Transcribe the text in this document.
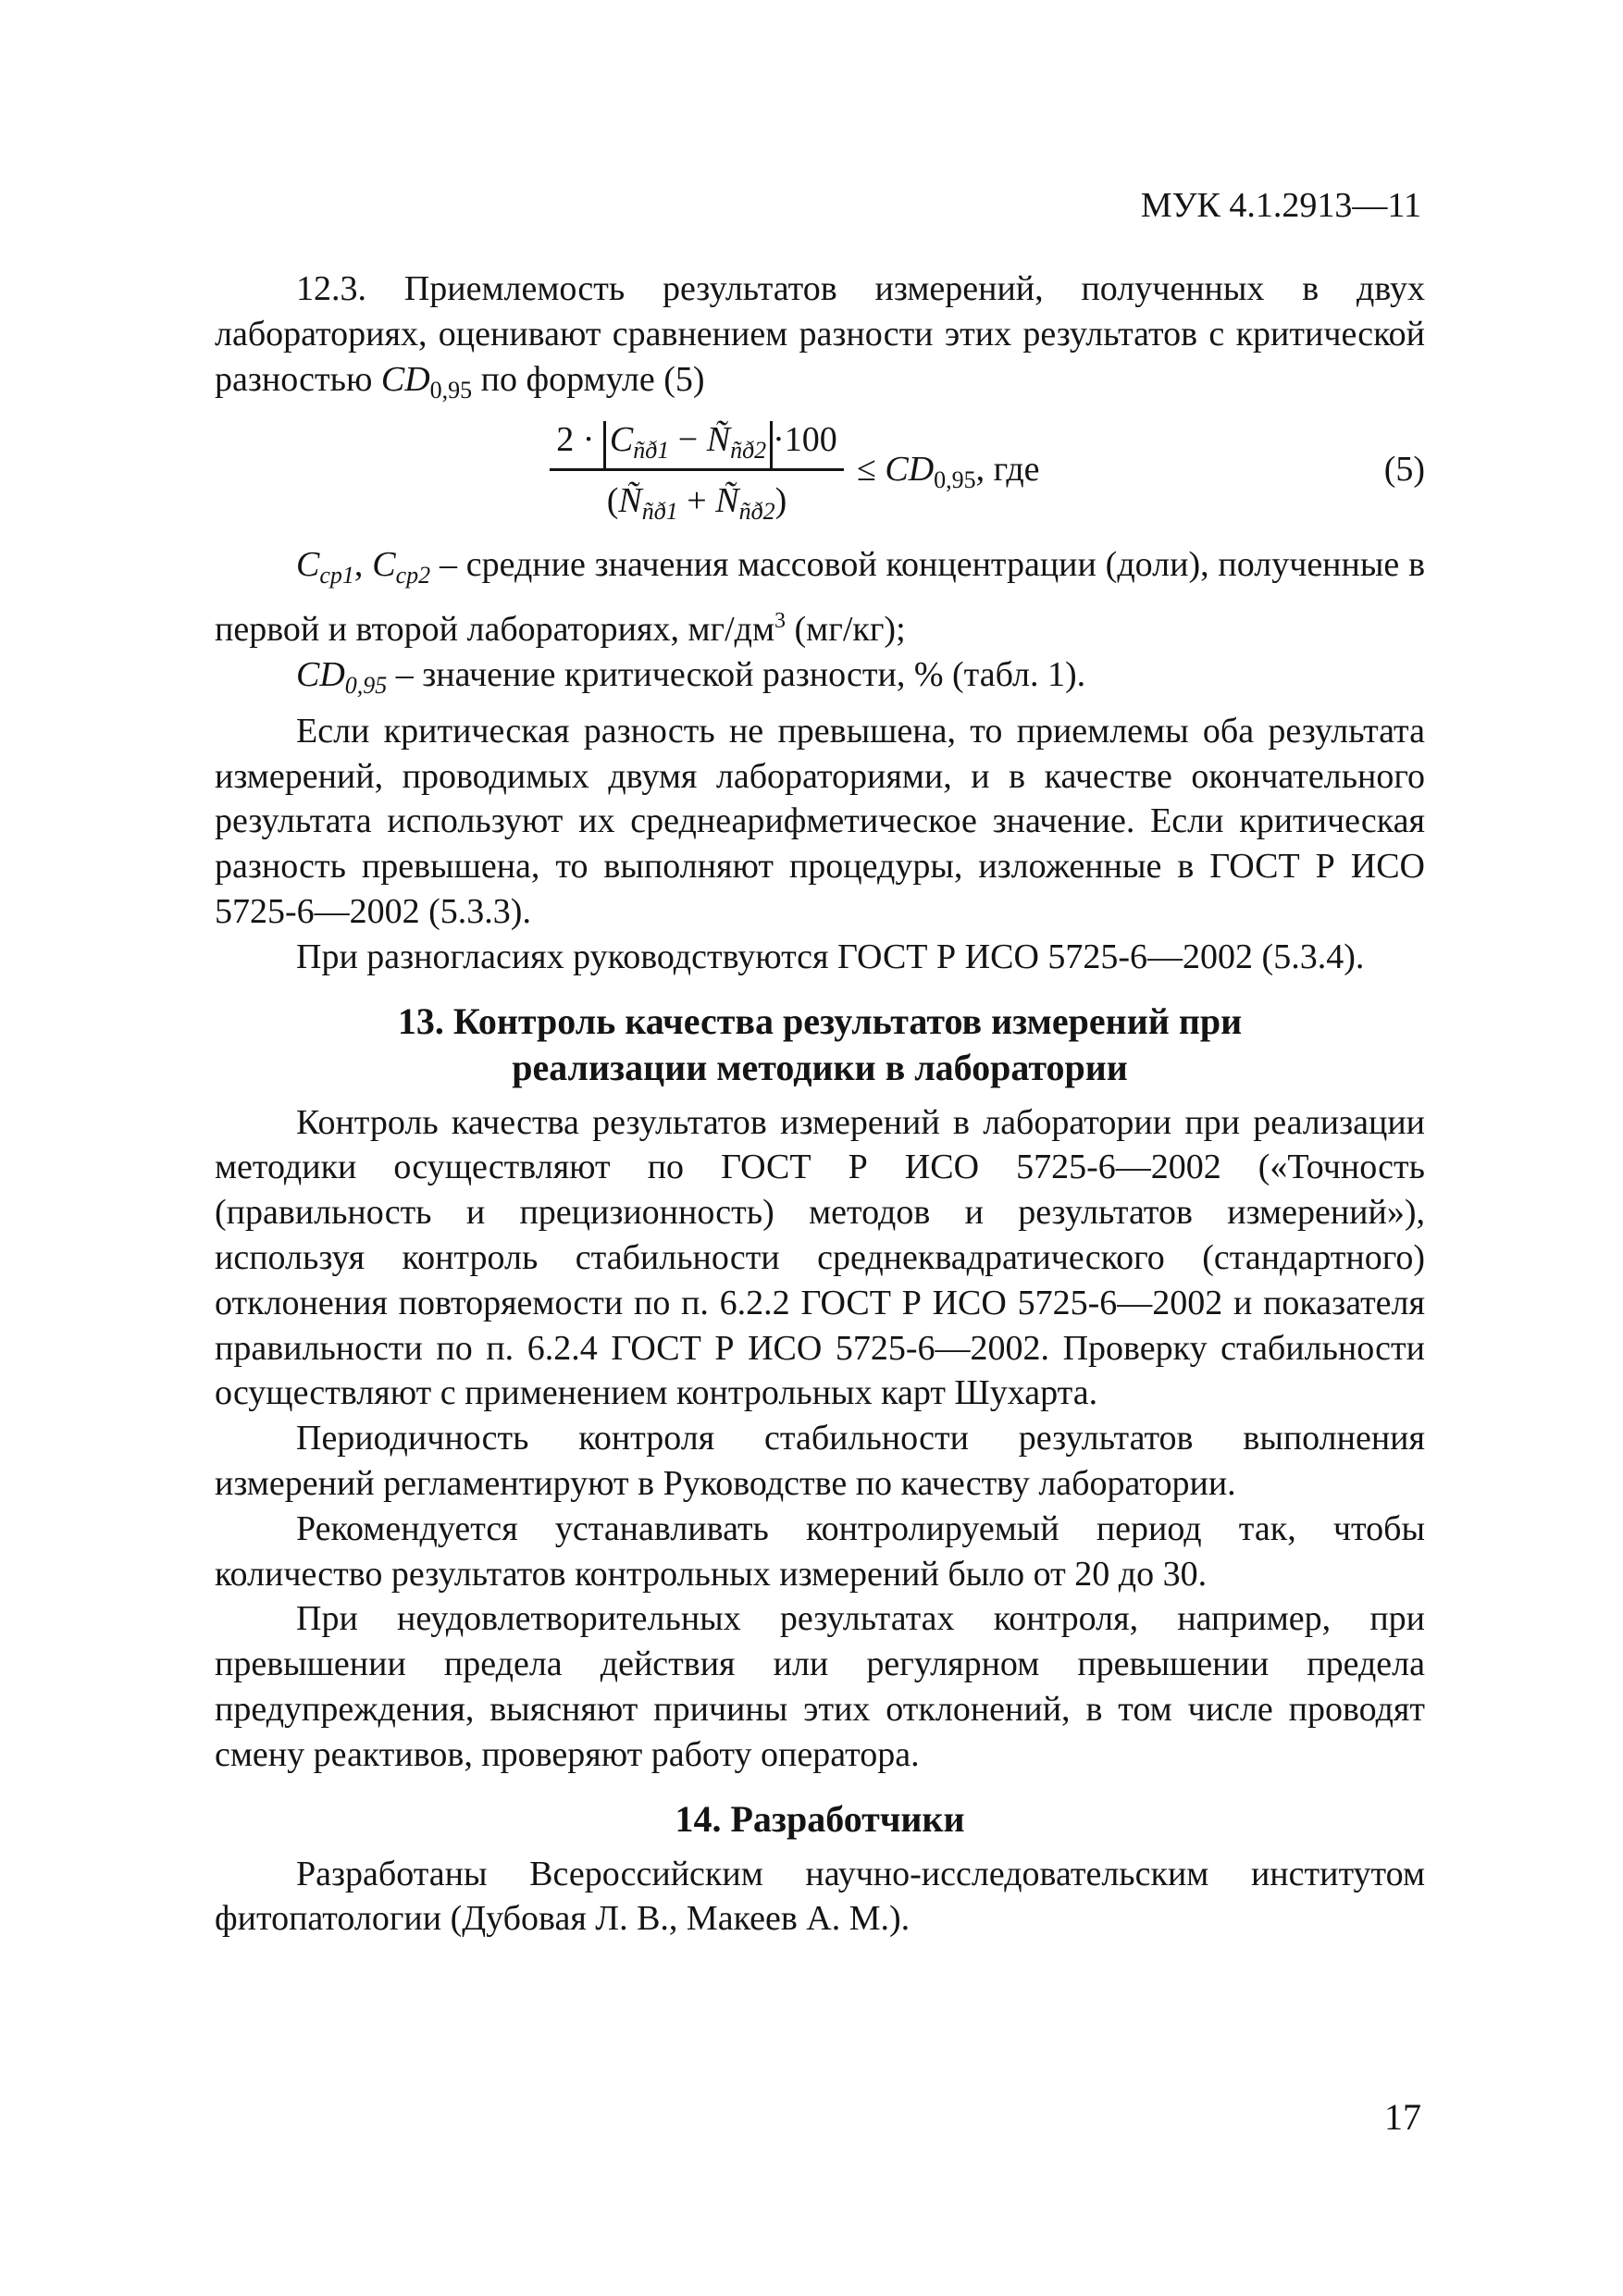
МУК 4.1.2913—11

12.3. Приемлемость результатов измерений, полученных в двух лабораториях, оценивают сравнением разности этих результатов с критической разностью $CD_{0,95}$ по формуле (5)

$2 \cdot C_{ñð1}$ − $Ñ_{ñð2} \cdot 100$
($Ñ_{ñð1}$ + $Ñ_{ñð2}$)
≤ $CD_{0,95}$, где	(5)

$C_{cp1}$, $C_{cp2}$ – средние значения массовой концентрации (доли), полученные в первой и второй лабораториях, $мг/дм^3$ (мг/кг);

$CD_{0,95}$ – значение критической разности, % (табл. 1).

Если критическая разность не превышена, то приемлемы оба результата измерений, проводимых двумя лабораториями, и в качестве окончательного результата используют их среднеарифметическое значение. Если критическая разность превышена, то выполняют процедуры, изложенные в ГОСТ Р ИСО 5725-6—2002 (5.3.3).

При разногласиях руководствуются ГОСТ Р ИСО 5725-6—2002 (5.3.4).

13. Контроль качества результатов измерений при
реализации методики в лаборатории

Контроль качества результатов измерений в лаборатории при реализации методики осуществляют по ГОСТ Р ИСО 5725-6—2002 («Точность (правильность и прецизионность) методов и результатов измерений»), используя контроль стабильности среднеквадратического (стандартного) отклонения повторяемости по п. 6.2.2 ГОСТ Р ИСО 5725-6—2002 и показателя правильности по п. 6.2.4 ГОСТ Р ИСО 5725-6—2002. Проверку стабильности осуществляют с применением контрольных карт Шухарта.

Периодичность контроля стабильности результатов выполнения измерений регламентируют в Руководстве по качеству лаборатории.

Рекомендуется устанавливать контролируемый период так, чтобы количество результатов контрольных измерений было от 20 до 30.

При неудовлетворительных результатах контроля, например, при превышении предела действия или регулярном превышении предела предупреждения, выясняют причины этих отклонений, в том числе проводят смену реактивов, проверяют работу оператора.

14. Разработчики

Разработаны Всероссийским научно-исследовательским институтом фитопатологии (Дубовая Л. В., Макеев А. М.).

17
